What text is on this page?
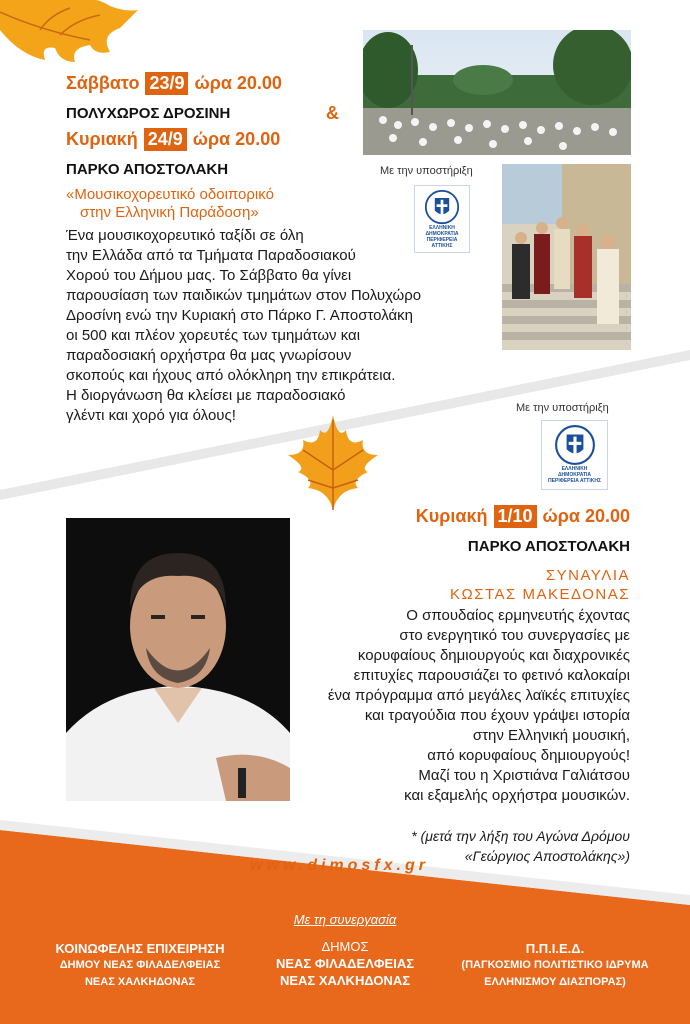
Σάββατο 23/9 ώρα 20.00
ΠΟΛΥΧΩΡΟΣ ΔΡΟΣΙΝΗ	&
Κυριακή 24/9 ώρα 20.00
ΠΑΡΚΟ ΑΠΟΣΤΟΛΑΚΗ
«Μουσικοχορευτικό οδοιπορικό
στην Ελληνική Παράδοση»
Ένα μουσικοχορευτικό ταξίδι σε όλη
την Ελλάδα από τα Τμήματα Παραδοσιακού
Χορού του Δήμου μας. Το Σάββατο θα γίνει
παρουσίαση των παιδικών τμημάτων στον Πολυχώρο
Δροσίνη ενώ την Κυριακή στο Πάρκο Γ. Αποστολάκη
οι 500 και πλέον χορευτές των τμημάτων και
παραδοσιακή ορχήστρα θα μας γνωρίσουν
σκοπούς και ήχους από ολόκληρη την επικράτεια.
Η διοργάνωση θα κλείσει με παραδοσιακό
γλέντι και χορό για όλους!
Με την υποστήριξη
ΕΛΛΗΝΙΚΗ ΔΗΜΟΚΡΑΤΙΑ
ΠΕΡΙΦΕΡΕΙΑ ΑΤΤΙΚΗΣ
Με την υποστήριξη
ΕΛΛΗΝΙΚΗ ΔΗΜΟΚΡΑΤΙΑ
ΠΕΡΙΦΕΡΕΙΑ ΑΤΤΙΚΗΣ
Κυριακή 1/10 ώρα 20.00
ΠΑΡΚΟ ΑΠΟΣΤΟΛΑΚΗ
ΣΥΝΑΥΛΙΑ
ΚΩΣΤΑΣ ΜΑΚΕΔΟΝΑΣ
Ο σπουδαίος ερμηνευτής έχοντας
στο ενεργητικό του συνεργασίες με
κορυφαίους δημιουργούς και διαχρονικές
επιτυχίες παρουσιάζει το φετινό καλοκαίρι
ένα πρόγραμμα από μεγάλες λαϊκές επιτυχίες
και τραγούδια που έχουν γράψει ιστορία
στην Ελληνική μουσική,
από κορυφαίους δημιουργούς!
Μαζί του η Χριστιάνα Γαλιάτσου
και εξαμελής ορχήστρα μουσικών.
* (μετά την λήξη του Αγώνα Δρόμου
«Γεώργιος Αποστολάκης»)
www.dimosfx.gr
Με τη συνεργασία
ΚΟΙΝΩΦΕΛΗΣ ΕΠΙΧΕΙΡΗΣΗ
ΔΗΜΟΥ ΝΕΑΣ ΦΙΛΑΔΕΛΦΕΙΑΣ
ΝΕΑΣ ΧΑΛΚΗΔΟΝΑΣ
ΔΗΜΟΣ
ΝΕΑΣ ΦΙΛΑΔΕΛΦΕΙΑΣ
ΝΕΑΣ ΧΑΛΚΗΔΟΝΑΣ
Π.Π.Ι.Ε.Δ.
(ΠΑΓΚΟΣΜΙΟ ΠΟΛΙΤΙΣΤΙΚΟ ΙΔΡΥΜΑ
ΕΛΛΗΝΙΣΜΟΥ ΔΙΑΣΠΟΡΑΣ)
